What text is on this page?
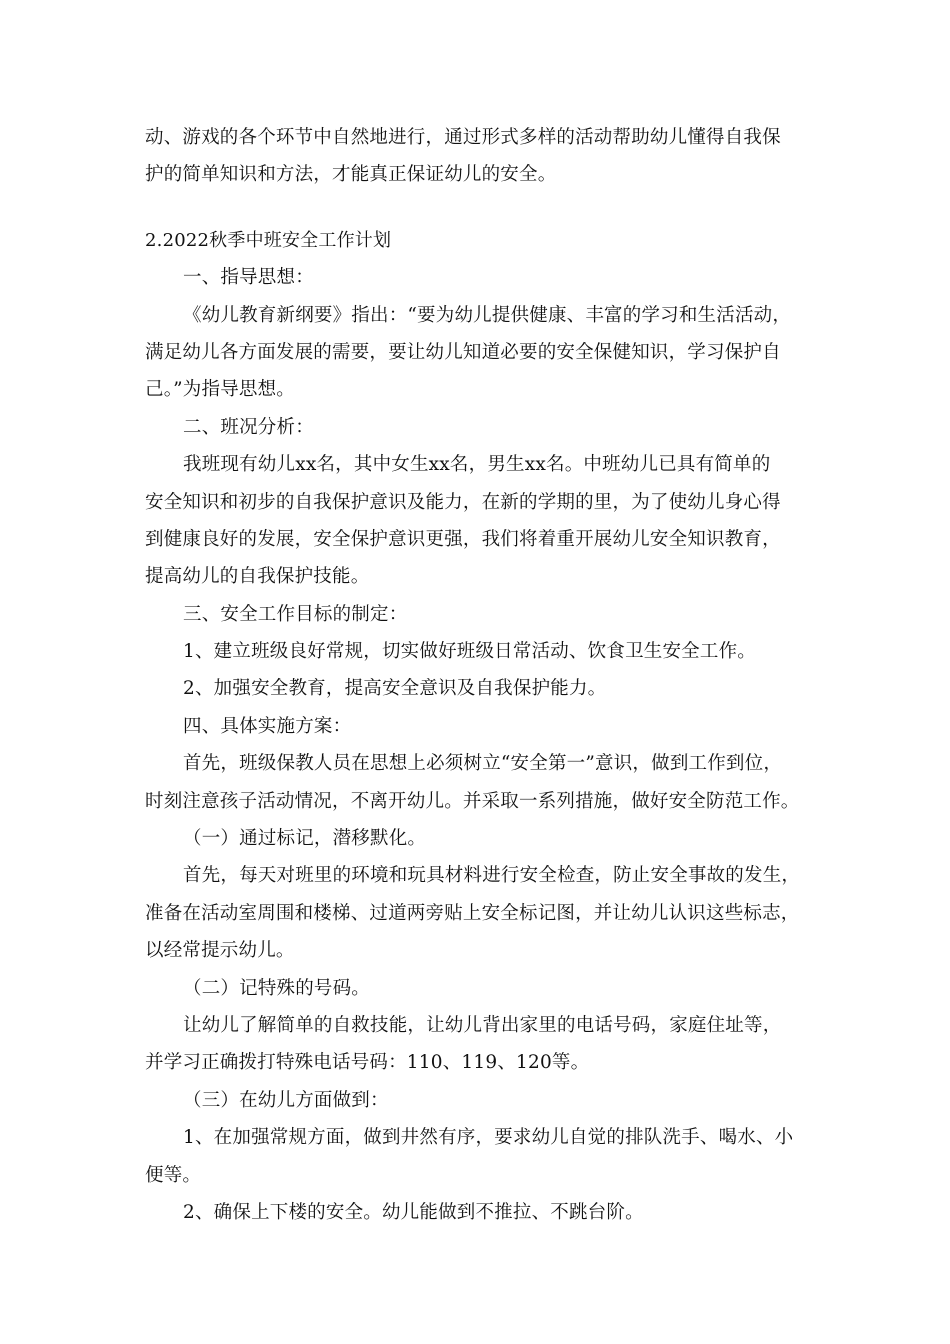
动、游戏的各个环节中自然地进行，通过形式多样的活动帮助幼儿懂得自我保
护的简单知识和方法，才能真正保证幼儿的安全。
2.2022秋季中班安全工作计划
一、指导思想：
《幼儿教育新纲要》指出：“要为幼儿提供健康、丰富的学习和生活活动，
满足幼儿各方面发展的需要，要让幼儿知道必要的安全保健知识，学习保护自
己。”为指导思想。
二、班况分析：
我班现有幼儿xx名，其中女生xx名，男生xx名。中班幼儿已具有简单的
安全知识和初步的自我保护意识及能力，在新的学期的里，为了使幼儿身心得
到健康良好的发展，安全保护意识更强，我们将着重开展幼儿安全知识教育，
提高幼儿的自我保护技能。
三、安全工作目标的制定：
1、建立班级良好常规，切实做好班级日常活动、饮食卫生安全工作。
2、加强安全教育，提高安全意识及自我保护能力。
四、具体实施方案：
首先，班级保教人员在思想上必须树立“安全第一”意识，做到工作到位，
时刻注意孩子活动情况，不离开幼儿。并采取一系列措施，做好安全防范工作。
（一）通过标记，潜移默化。
首先，每天对班里的环境和玩具材料进行安全检查，防止安全事故的发生，
准备在活动室周围和楼梯、过道两旁贴上安全标记图，并让幼儿认识这些标志，
以经常提示幼儿。
（二）记特殊的号码。
让幼儿了解简单的自救技能，让幼儿背出家里的电话号码，家庭住址等，
并学习正确拨打特殊电话号码：110、119、120等。
（三）在幼儿方面做到：
1、在加强常规方面，做到井然有序，要求幼儿自觉的排队洗手、喝水、小
便等。
2、确保上下楼的安全。幼儿能做到不推拉、不跳台阶。
